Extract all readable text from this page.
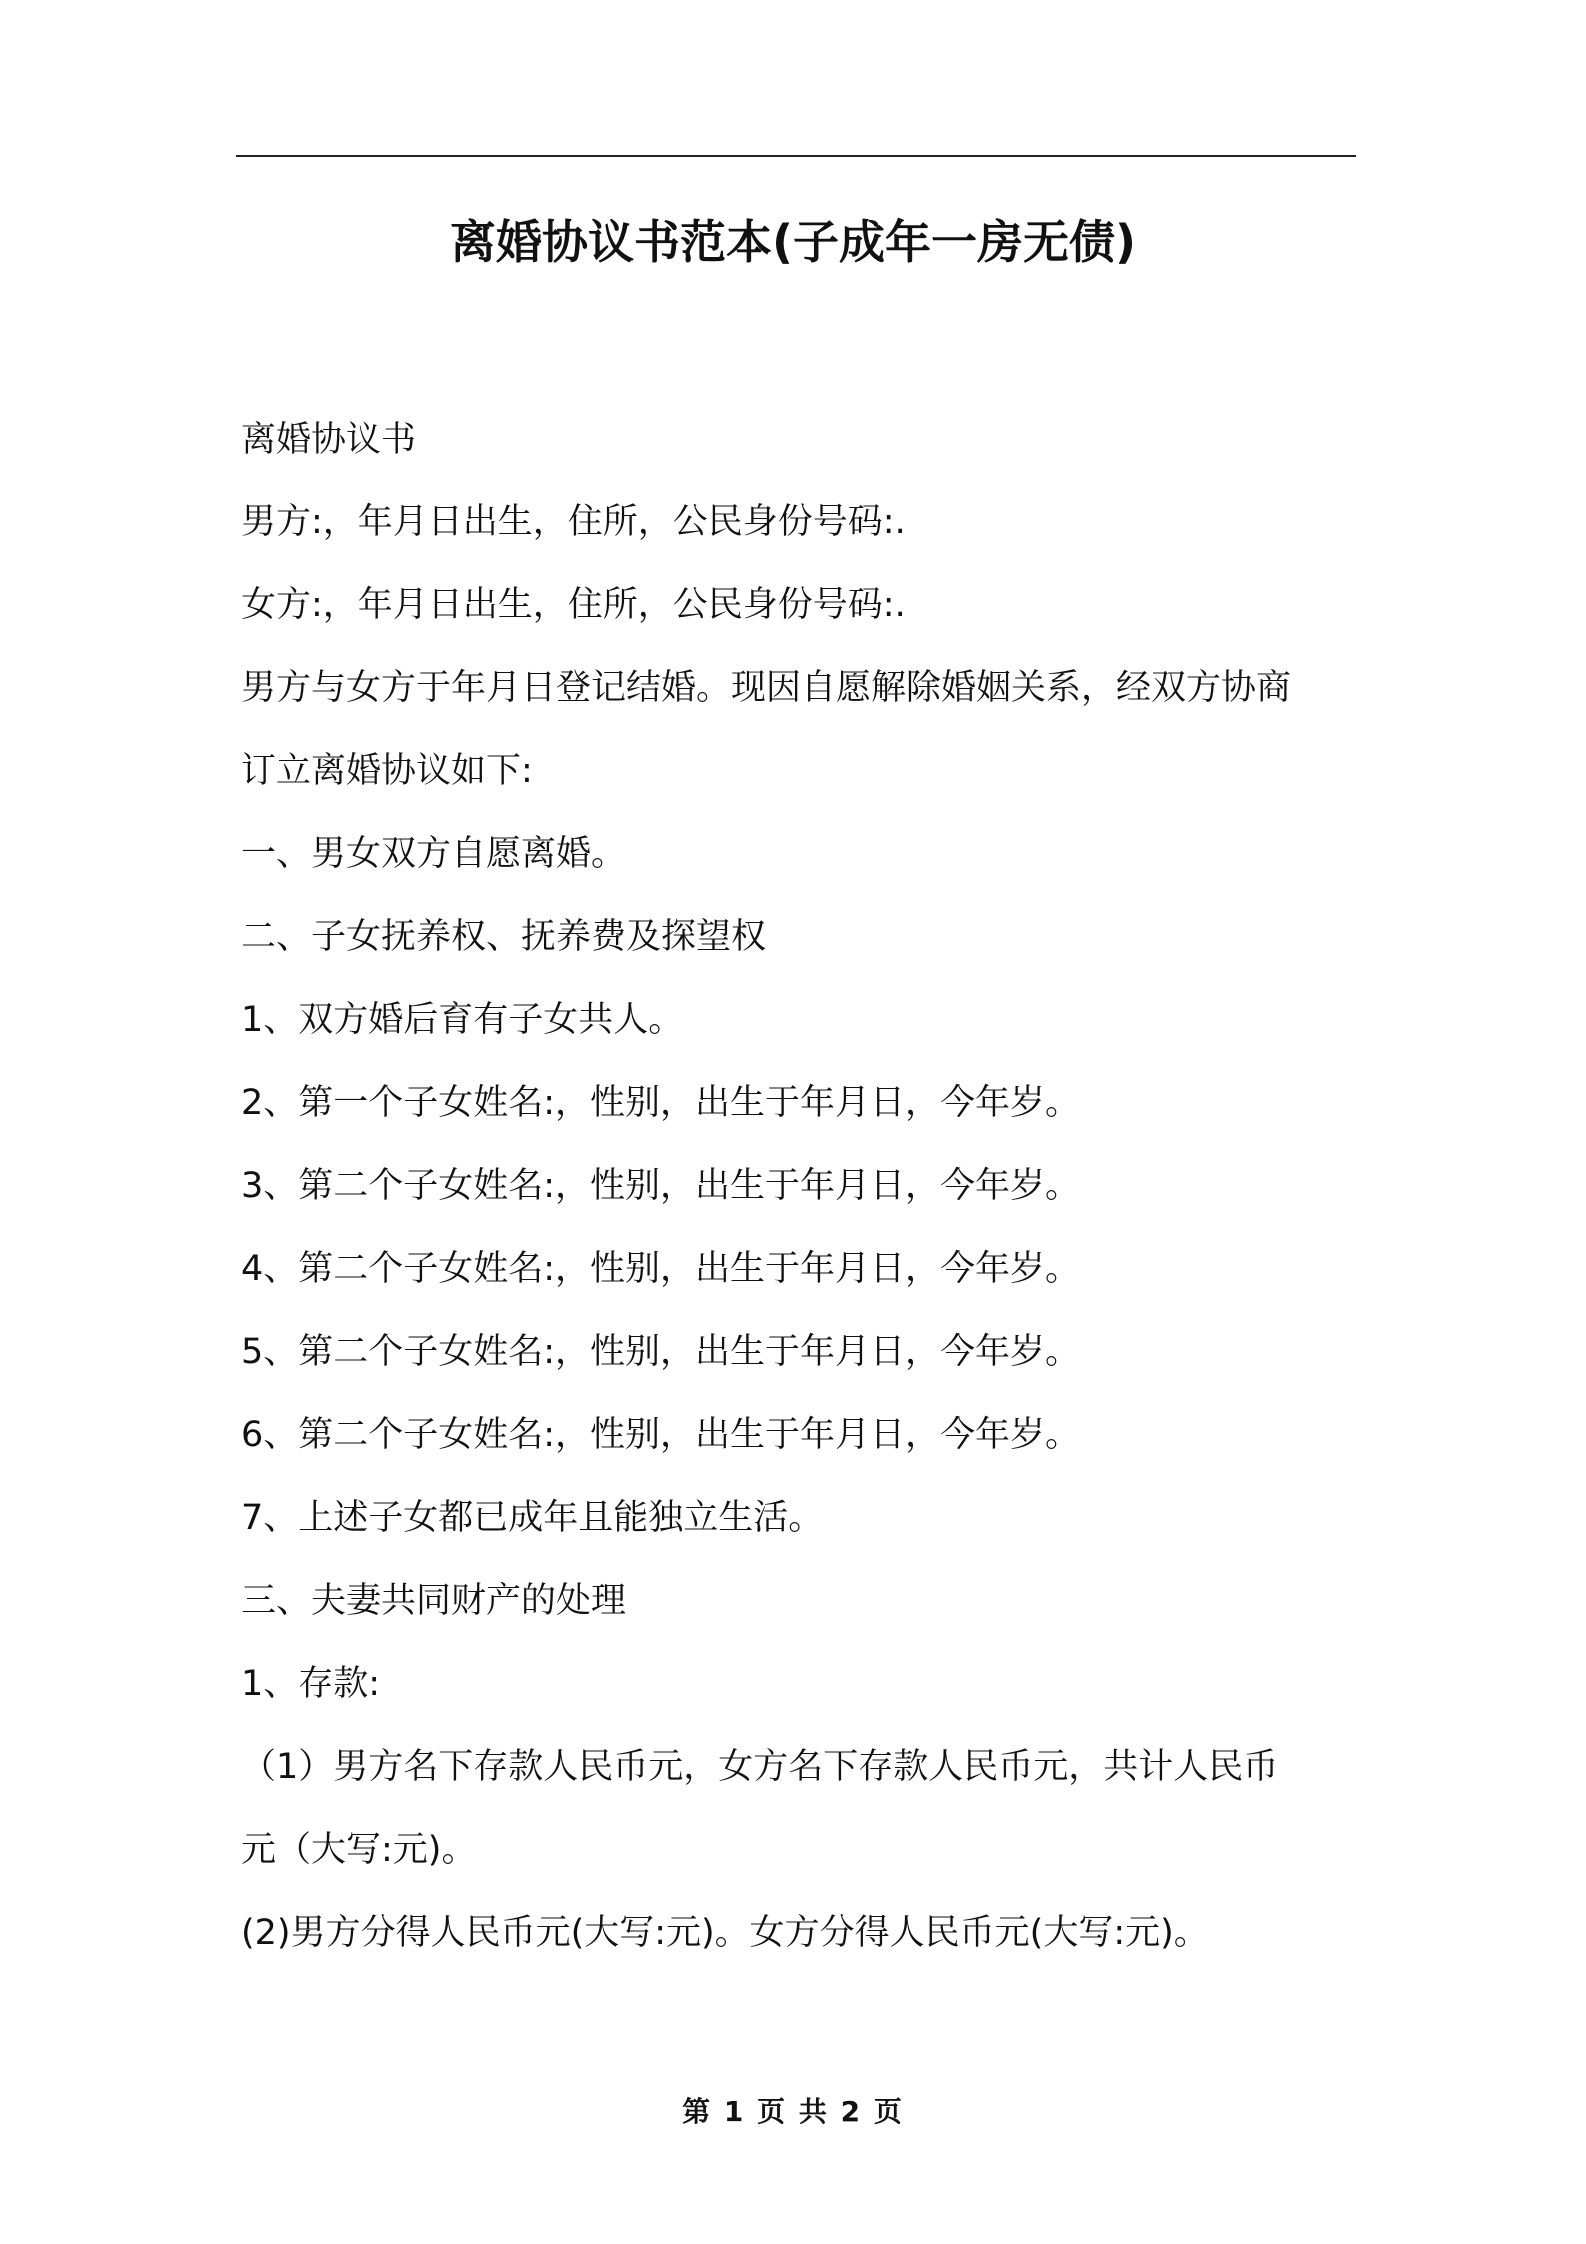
离婚协议书范本(子成年一房无债)
离婚协议书
男方:，年月日出生，住所，公民身份号码:.
女方:，年月日出生，住所，公民身份号码:.
男方与女方于年月日登记结婚。现因自愿解除婚姻关系，经双方协商
订立离婚协议如下:
一、男女双方自愿离婚。
二、子女抚养权、抚养费及探望权
1、双方婚后育有子女共人。
2、第一个子女姓名:，性别，出生于年月日，今年岁。
3、第二个子女姓名:，性别，出生于年月日，今年岁。
4、第二个子女姓名:，性别，出生于年月日，今年岁。
5、第二个子女姓名:，性别，出生于年月日，今年岁。
6、第二个子女姓名:，性别，出生于年月日，今年岁。
7、上述子女都已成年且能独立生活。
三、夫妻共同财产的处理
1、存款:
（1）男方名下存款人民币元，女方名下存款人民币元，共计人民币
元（大写:元)。
(2)男方分得人民币元(大写:元)。女方分得人民币元(大写:元)。
第 1 页 共 2 页
